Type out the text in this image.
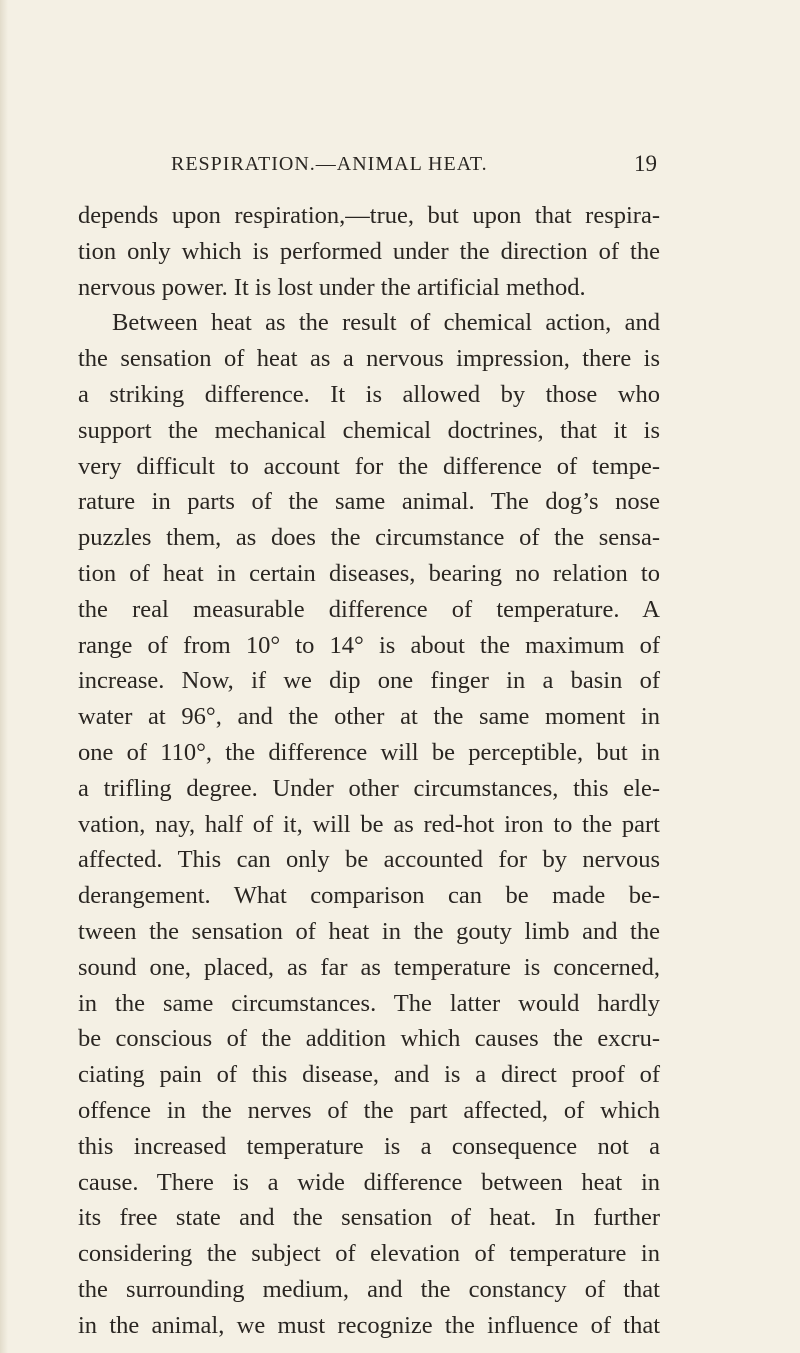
RESPIRATION.—ANIMAL HEAT.	19
depends upon respiration,—true, but upon that respira-
tion only which is performed under the direction of the
nervous power. It is lost under the artificial method.
Between heat as the result of chemical action, and
the sensation of heat as a nervous impression, there is
a striking difference. It is allowed by those who
support the mechanical chemical doctrines, that it is
very difficult to account for the difference of tempe-
rature in parts of the same animal. The dog’s nose
puzzles them, as does the circumstance of the sensa-
tion of heat in certain diseases, bearing no relation to
the real measurable difference of temperature. A
range of from 10° to 14° is about the maximum of
increase. Now, if we dip one finger in a basin of
water at 96°, and the other at the same moment in
one of 110°, the difference will be perceptible, but in
a trifling degree. Under other circumstances, this ele-
vation, nay, half of it, will be as red-hot iron to the part
affected. This can only be accounted for by nervous
derangement. What comparison can be made be-
tween the sensation of heat in the gouty limb and the
sound one, placed, as far as temperature is concerned,
in the same circumstances. The latter would hardly
be conscious of the addition which causes the excru-
ciating pain of this disease, and is a direct proof of
offence in the nerves of the part affected, of which
this increased temperature is a consequence not a
cause. There is a wide difference between heat in
its free state and the sensation of heat. In further
considering the subject of elevation of temperature in
the surrounding medium, and the constancy of that
in the animal, we must recognize the influence of that
